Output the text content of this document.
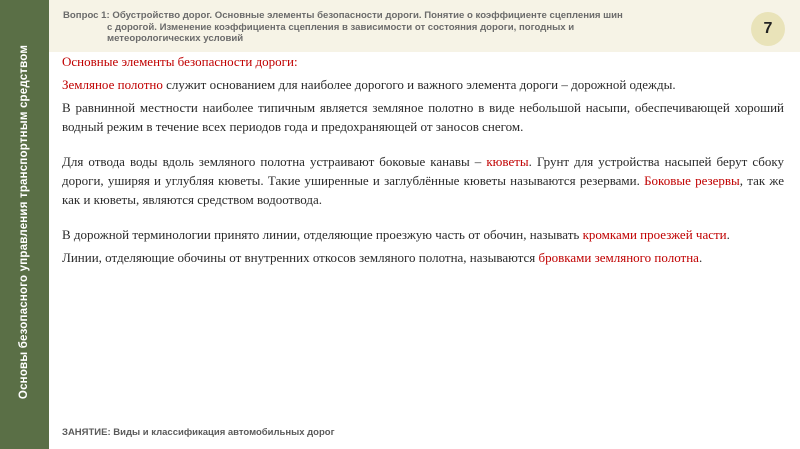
Основы безопасного управления транспортным средством
Вопрос 1: Обустройство дорог. Основные элементы безопасности дороги. Понятие о коэффициенте сцепления шин
с дорогой. Изменение коэффициента сцепления в зависимости от состояния дороги, погодных и
метеорологических условий
7

Основные элементы безопасности дороги:

Земляное полотно служит основанием для наиболее дорогого и важного элемента дороги – дорожной одежды.

В равнинной местности наиболее типичным является земляное полотно в виде небольшой насыпи, обеспечивающей хороший водный режим в течение всех периодов года и предохраняющей от заносов снегом.

Для отвода воды вдоль земляного полотна устраивают боковые канавы – кюветы. Грунт для устройства насыпей берут сбоку дороги, уширяя и углубляя кюветы. Такие уширенные и заглублённые кюветы называются резервами. Боковые резервы, так же как и кюветы, являются средством водоотвода.

В дорожной терминологии принято линии, отделяющие проезжую часть от обочин, называть кромками проезжей части.

Линии, отделяющие обочины от внутренних откосов земляного полотна, называются бровками земляного полотна.

ЗАНЯТИЕ: Виды и классификация автомобильных дорог
